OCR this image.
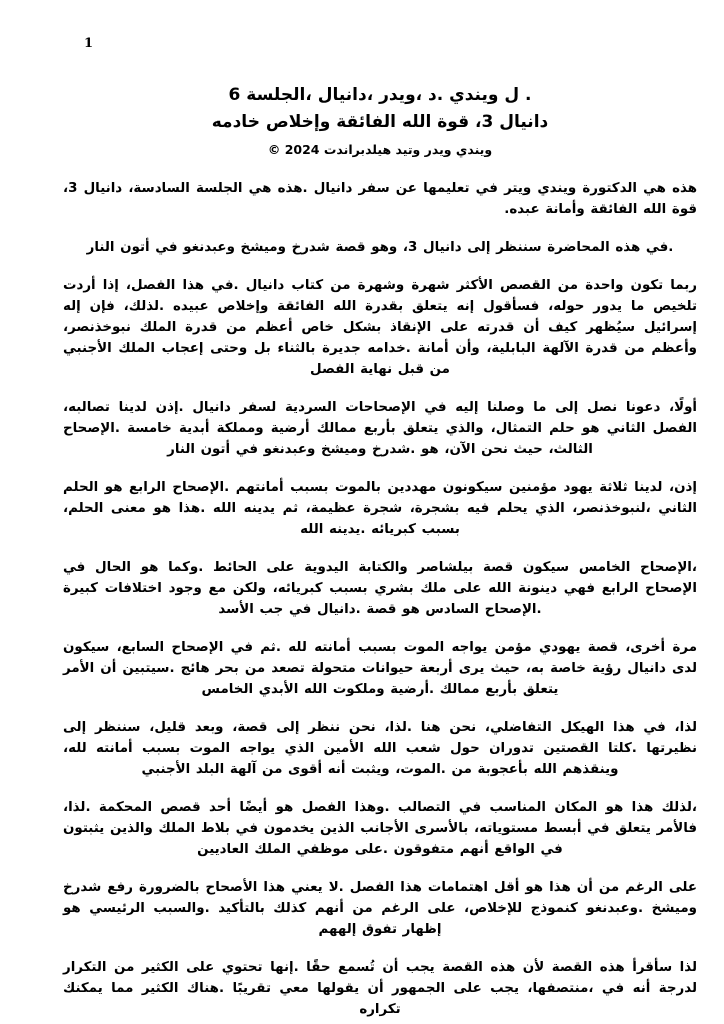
1
. ل ويندي .د ،ويدر ،دانيال ،الجلسة 6
دانيال 3، قوة الله الفائقة وإخلاص خادمه
ويندي ويدر وتيد هيلدبراندت 2024 ©

هذه هي الدكتورة ويندي ويتر في تعليمها عن سفر دانيال .هذه هي الجلسة السادسة، دانيال 3، قوة الله الفائقة وأمانة عبده.

.في هذه المحاضرة سننظر إلى دانيال 3، وهو قصة شدرخ وميشخ وعبدنغو في أتون النار

ربما تكون واحدة من القصص الأكثر شهرة وشهرة من كتاب دانيال .في هذا الفصل، إذا أردت تلخيص ما يدور حوله، فسأقول إنه يتعلق بقدرة الله الفائقة وإخلاص عبيده .لذلك، فإن إله إسرائيل سيُظهر كيف أن قدرته على الإنقاذ بشكل خاص أعظم من قدرة الملك نبوخذنصر، وأعظم من قدرة الآلهة البابلية، وأن أمانة .خدامه جديرة بالثناء بل وحتى إعجاب الملك الأجنبي من قبل نهاية الفصل

أولًا، دعونا نصل إلى ما وصلنا إليه في الإصحاحات السردية لسفر دانيال .إذن لدينا تصالبه، الفصل الثاني هو حلم التمثال، والذي يتعلق بأربع ممالك أرضية ومملكة أبدية خامسة .الإصحاح الثالث، حيث نحن الآن، هو .شدرخ وميشخ وعبدنغو في أتون النار

إذن، لدينا ثلاثة يهود مؤمنين سيكونون مهددين بالموت بسبب أمانتهم .الإصحاح الرابع هو الحلم الثاني ،لنبوخذنصر، الذي يحلم فيه بشجرة، شجرة عظيمة، ثم يدينه الله .هذا هو معنى الحلم، بسبب كبريائه .يدينه الله

،الإصحاح الخامس سيكون قصة بيلشاصر والكتابة اليدوية على الحائط .وكما هو الحال في الإصحاح الرابع فهي دينونة الله على ملك بشري بسبب كبريائه، ولكن مع وجود اختلافات كبيرة .الإصحاح السادس هو قصة .دانيال في جب الأسد

مرة أخرى، قصة يهودي مؤمن يواجه الموت بسبب أمانته لله .ثم في الإصحاح السابع، سيكون لدى دانيال رؤية خاصة به، حيث يرى أربعة حيوانات متحولة تصعد من بحر هائج .سيتبين أن الأمر يتعلق بأربع ممالك .أرضية وملكوت الله الأبدي الخامس

لذا، في هذا الهيكل التفاضلي، نحن هنا .لذا، نحن ننظر إلى قصة، وبعد قليل، سننظر إلى نظيرتها .كلتا القصتين تدوران حول شعب الله الأمين الذي يواجه الموت بسبب أمانته لله، وينقذهم الله بأعجوبة من .الموت، ويثبت أنه أقوى من آلهة البلد الأجنبي

،لذلك هذا هو المكان المناسب في التصالب .وهذا الفصل هو أيضًا أحد قصص المحكمة .لذا، فالأمر يتعلق في أبسط مستوياته، بالأسرى الأجانب الذين يخدمون في بلاط الملك والذين يثبتون في الواقع أنهم متفوقون .على موظفي الملك العاديين

على الرغم من أن هذا هو أقل اهتمامات هذا الفصل .لا يعني هذا الأصحاح بالضرورة رفع شدرخ وميشخ .وعبدنغو كنموذج للإخلاص، على الرغم من أنهم كذلك بالتأكيد .والسبب الرئيسي هو إظهار تفوق إلههم

لذا سأقرأ هذه القصة لأن هذه القصة يجب أن تُسمع حقًا .إنها تحتوي على الكثير من التكرار لدرجة أنه في ،منتصفها، يجب على الجمهور أن يقولها معي تقريبًا .هناك الكثير مما يمكنك تكراره
